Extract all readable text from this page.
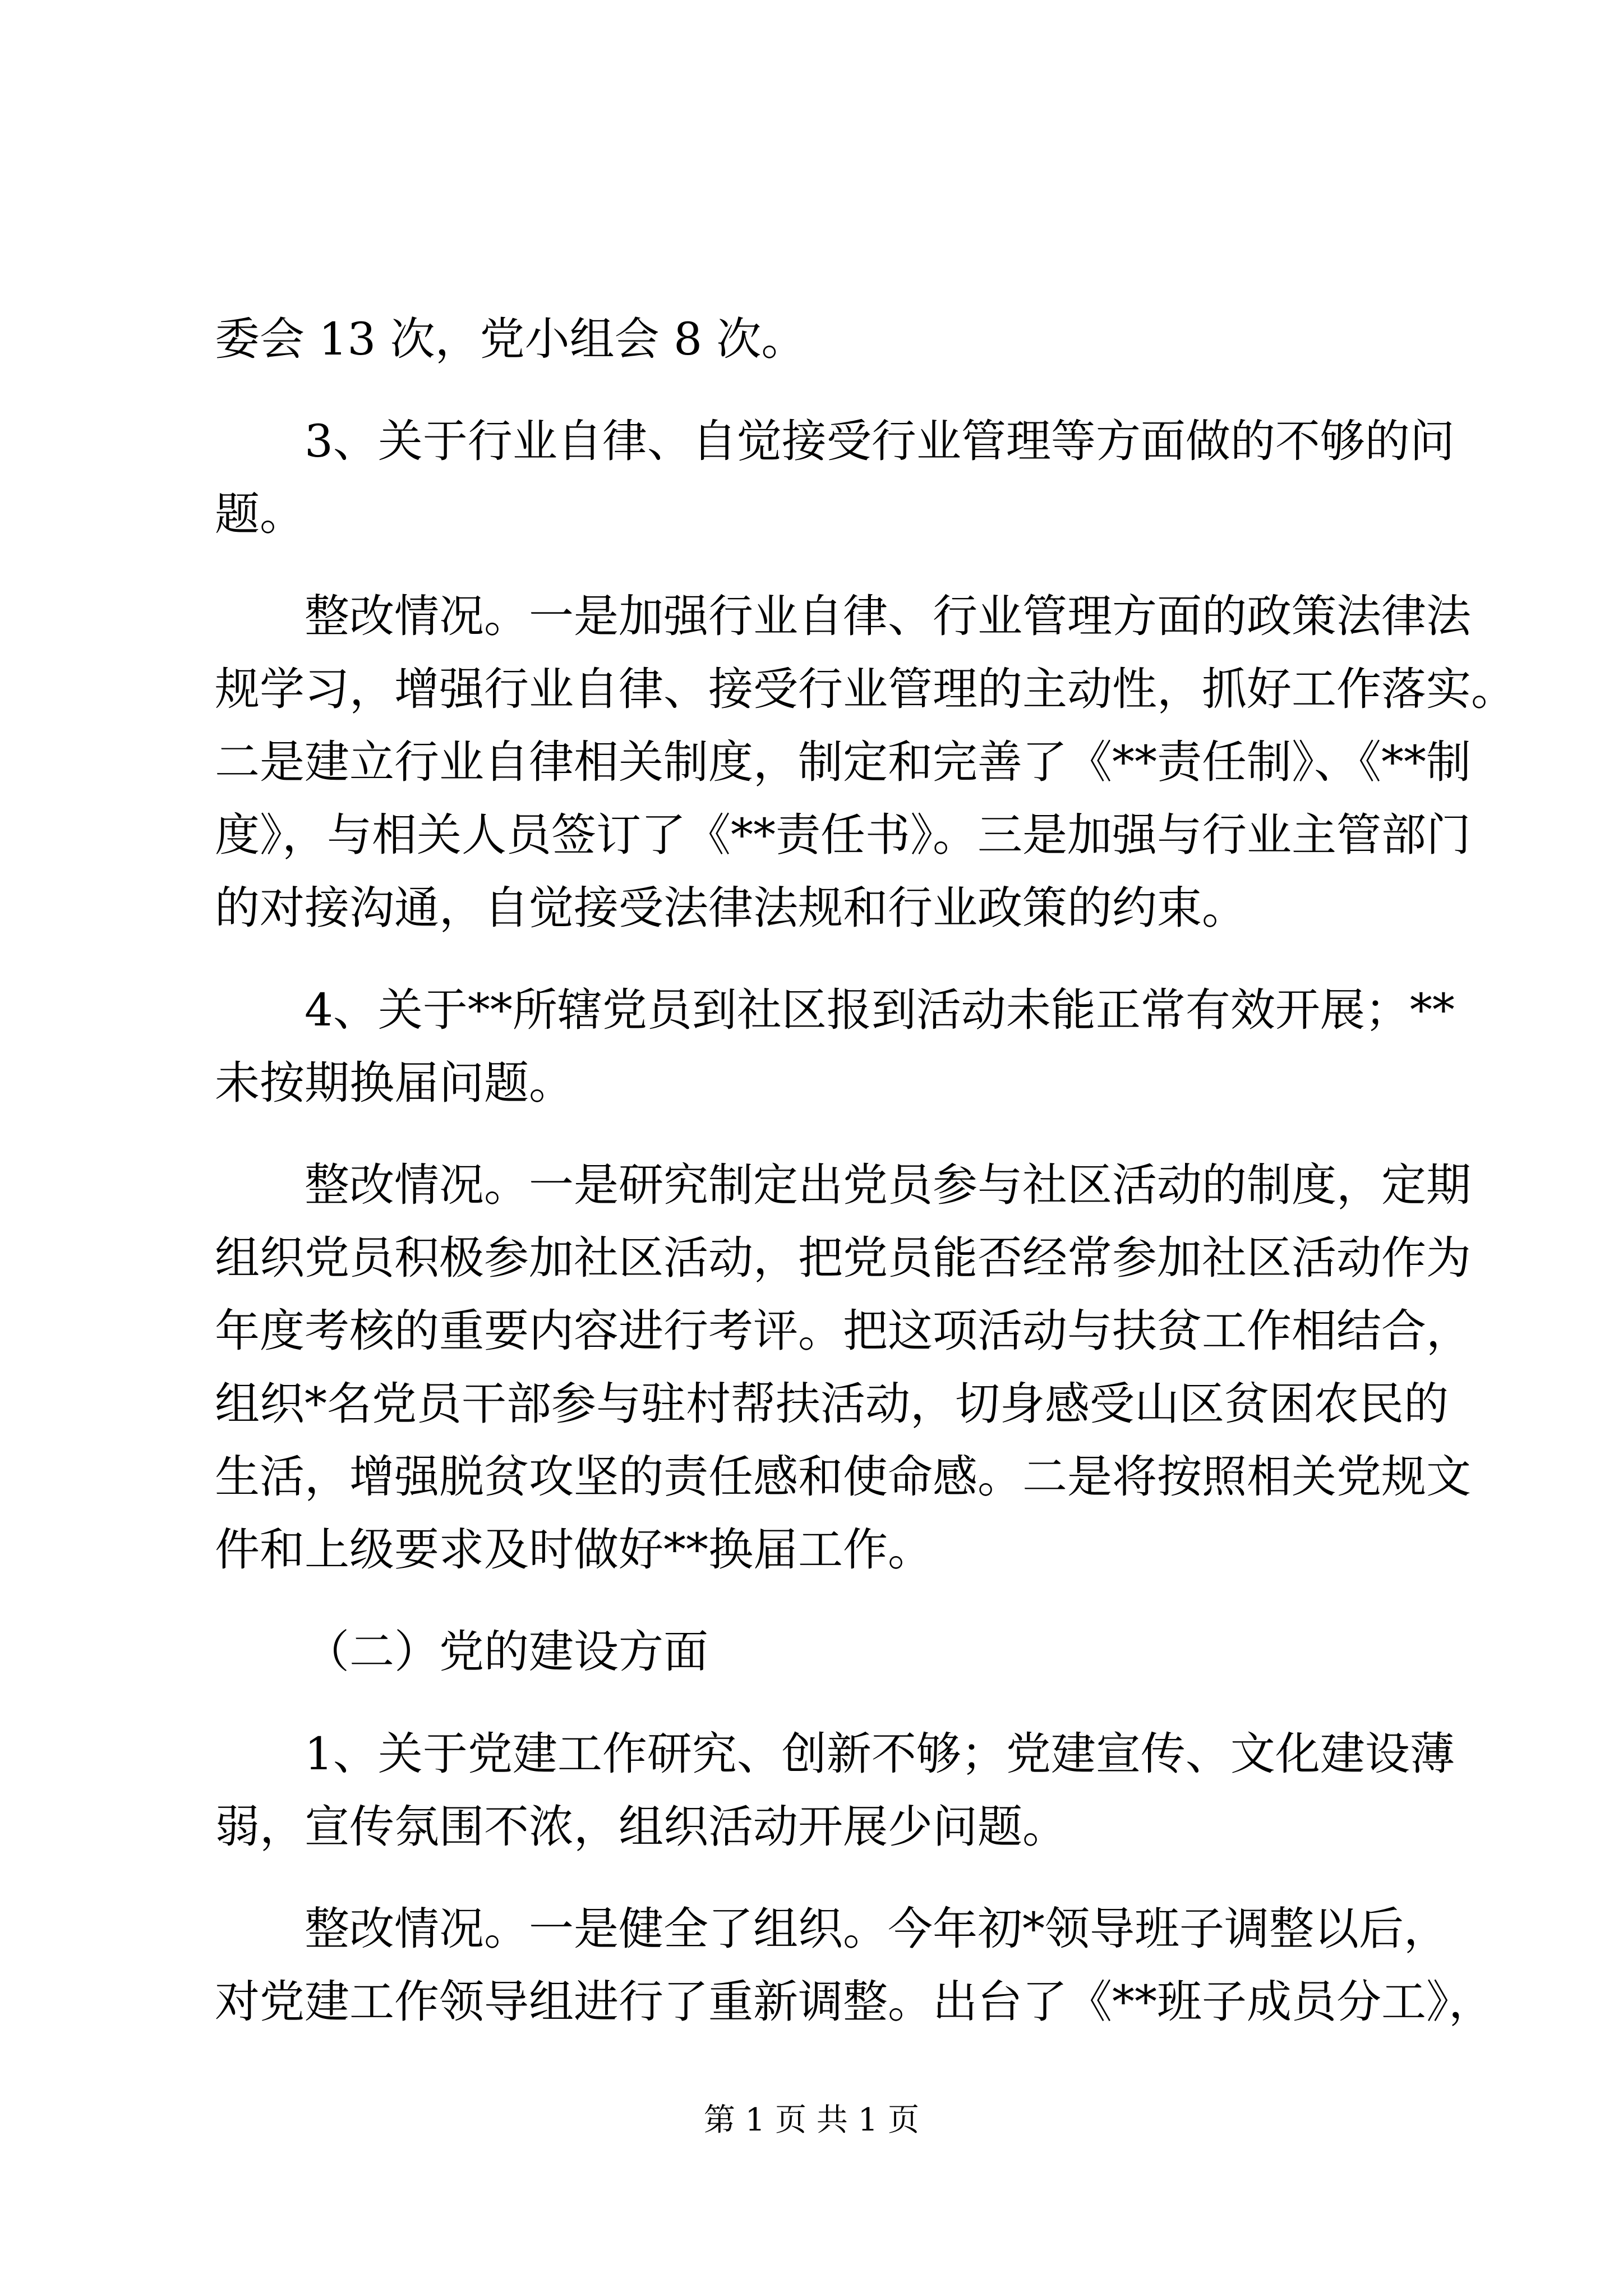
委会 13 次，党小组会 8 次。
3、关于行业自律、自觉接受行业管理等方面做的不够的问
题。
整改情况。一是加强行业自律、行业管理方面的政策法律法
规学习，增强行业自律、接受行业管理的主动性，抓好工作落实。
二是建立行业自律相关制度，制定和完善了《**责任制》、《**制
度》，与相关人员签订了《**责任书》。三是加强与行业主管部门
的对接沟通，自觉接受法律法规和行业政策的约束。
4、关于**所辖党员到社区报到活动未能正常有效开展；**
未按期换届问题。
整改情况。一是研究制定出党员参与社区活动的制度，定期
组织党员积极参加社区活动，把党员能否经常参加社区活动作为
年度考核的重要内容进行考评。把这项活动与扶贫工作相结合，
组织*名党员干部参与驻村帮扶活动，切身感受山区贫困农民的
生活，增强脱贫攻坚的责任感和使命感。二是将按照相关党规文
件和上级要求及时做好**换届工作。
（二）党的建设方面
1、关于党建工作研究、创新不够；党建宣传、文化建设薄
弱，宣传氛围不浓，组织活动开展少问题。
整改情况。一是健全了组织。今年初*领导班子调整以后，
对党建工作领导组进行了重新调整。出台了《**班子成员分工》，
第 1 页 共 1 页
